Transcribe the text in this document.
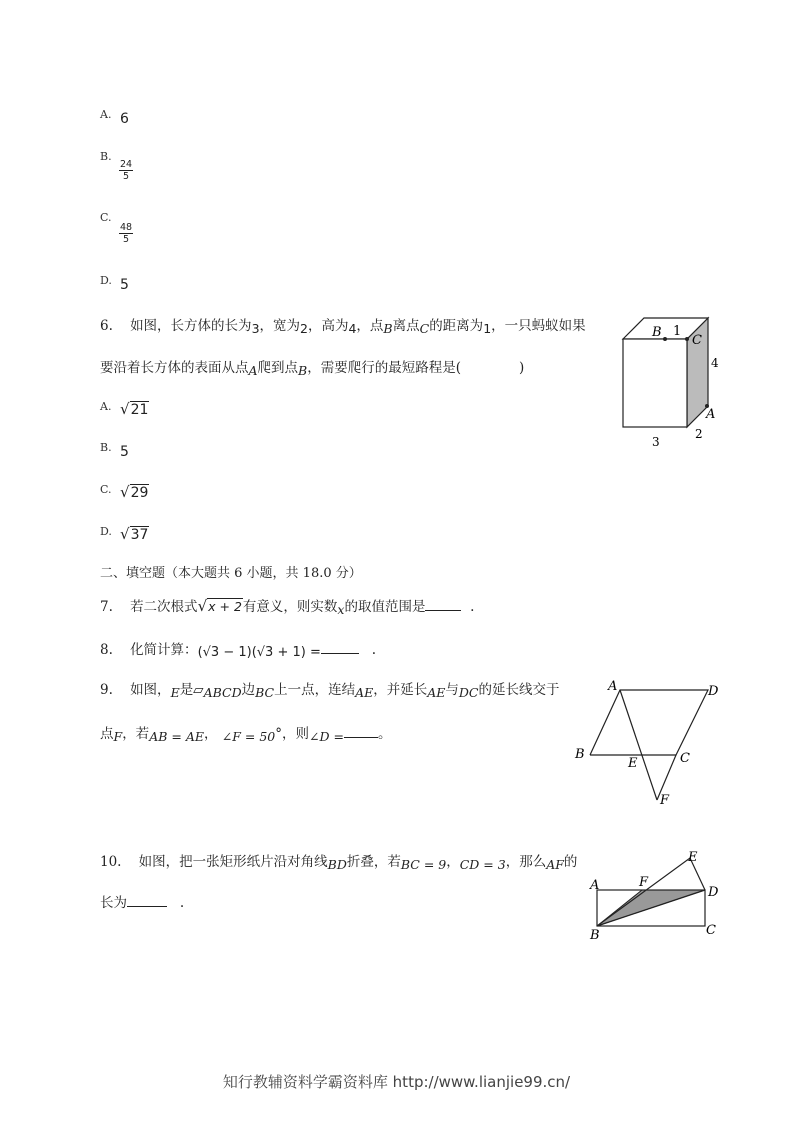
A. 6
B.
$\frac{24}{5}$
C.
$\frac{48}{5}$
D. 5
6. 如图，长方体的长为3，宽为2，高为4，点B离点C的距离为1，一只蚂蚁如果
要沿着长方体的表面从点A爬到点B，需要爬行的最短路程是(	)
A. √21
B. 5
C. √29
D. √37
B 1
C
4
A
2
3
二、填空题（本大题共 6 小题，共 18.0 分）
7. 若二次根式√x + 2有意义，则实数x的取值范围是	.
8. 化简计算：(√3 − 1)(√3 + 1) =	.
9. 如图，E是▱ABCD边BC上一点，连结AE，并延长AE与DC的延长线交于
点F，若AB = AE， ∠F = 50°，则∠D =	。
A	D
B
E	C
F
10. 如图，把一张矩形纸片沿对角线BD折叠，若BC = 9，CD = 3，那么AF的
长为	.
E
A	F
D
B	C
知行教辅资料学霸资料库 http://www.lianjie99.cn/
